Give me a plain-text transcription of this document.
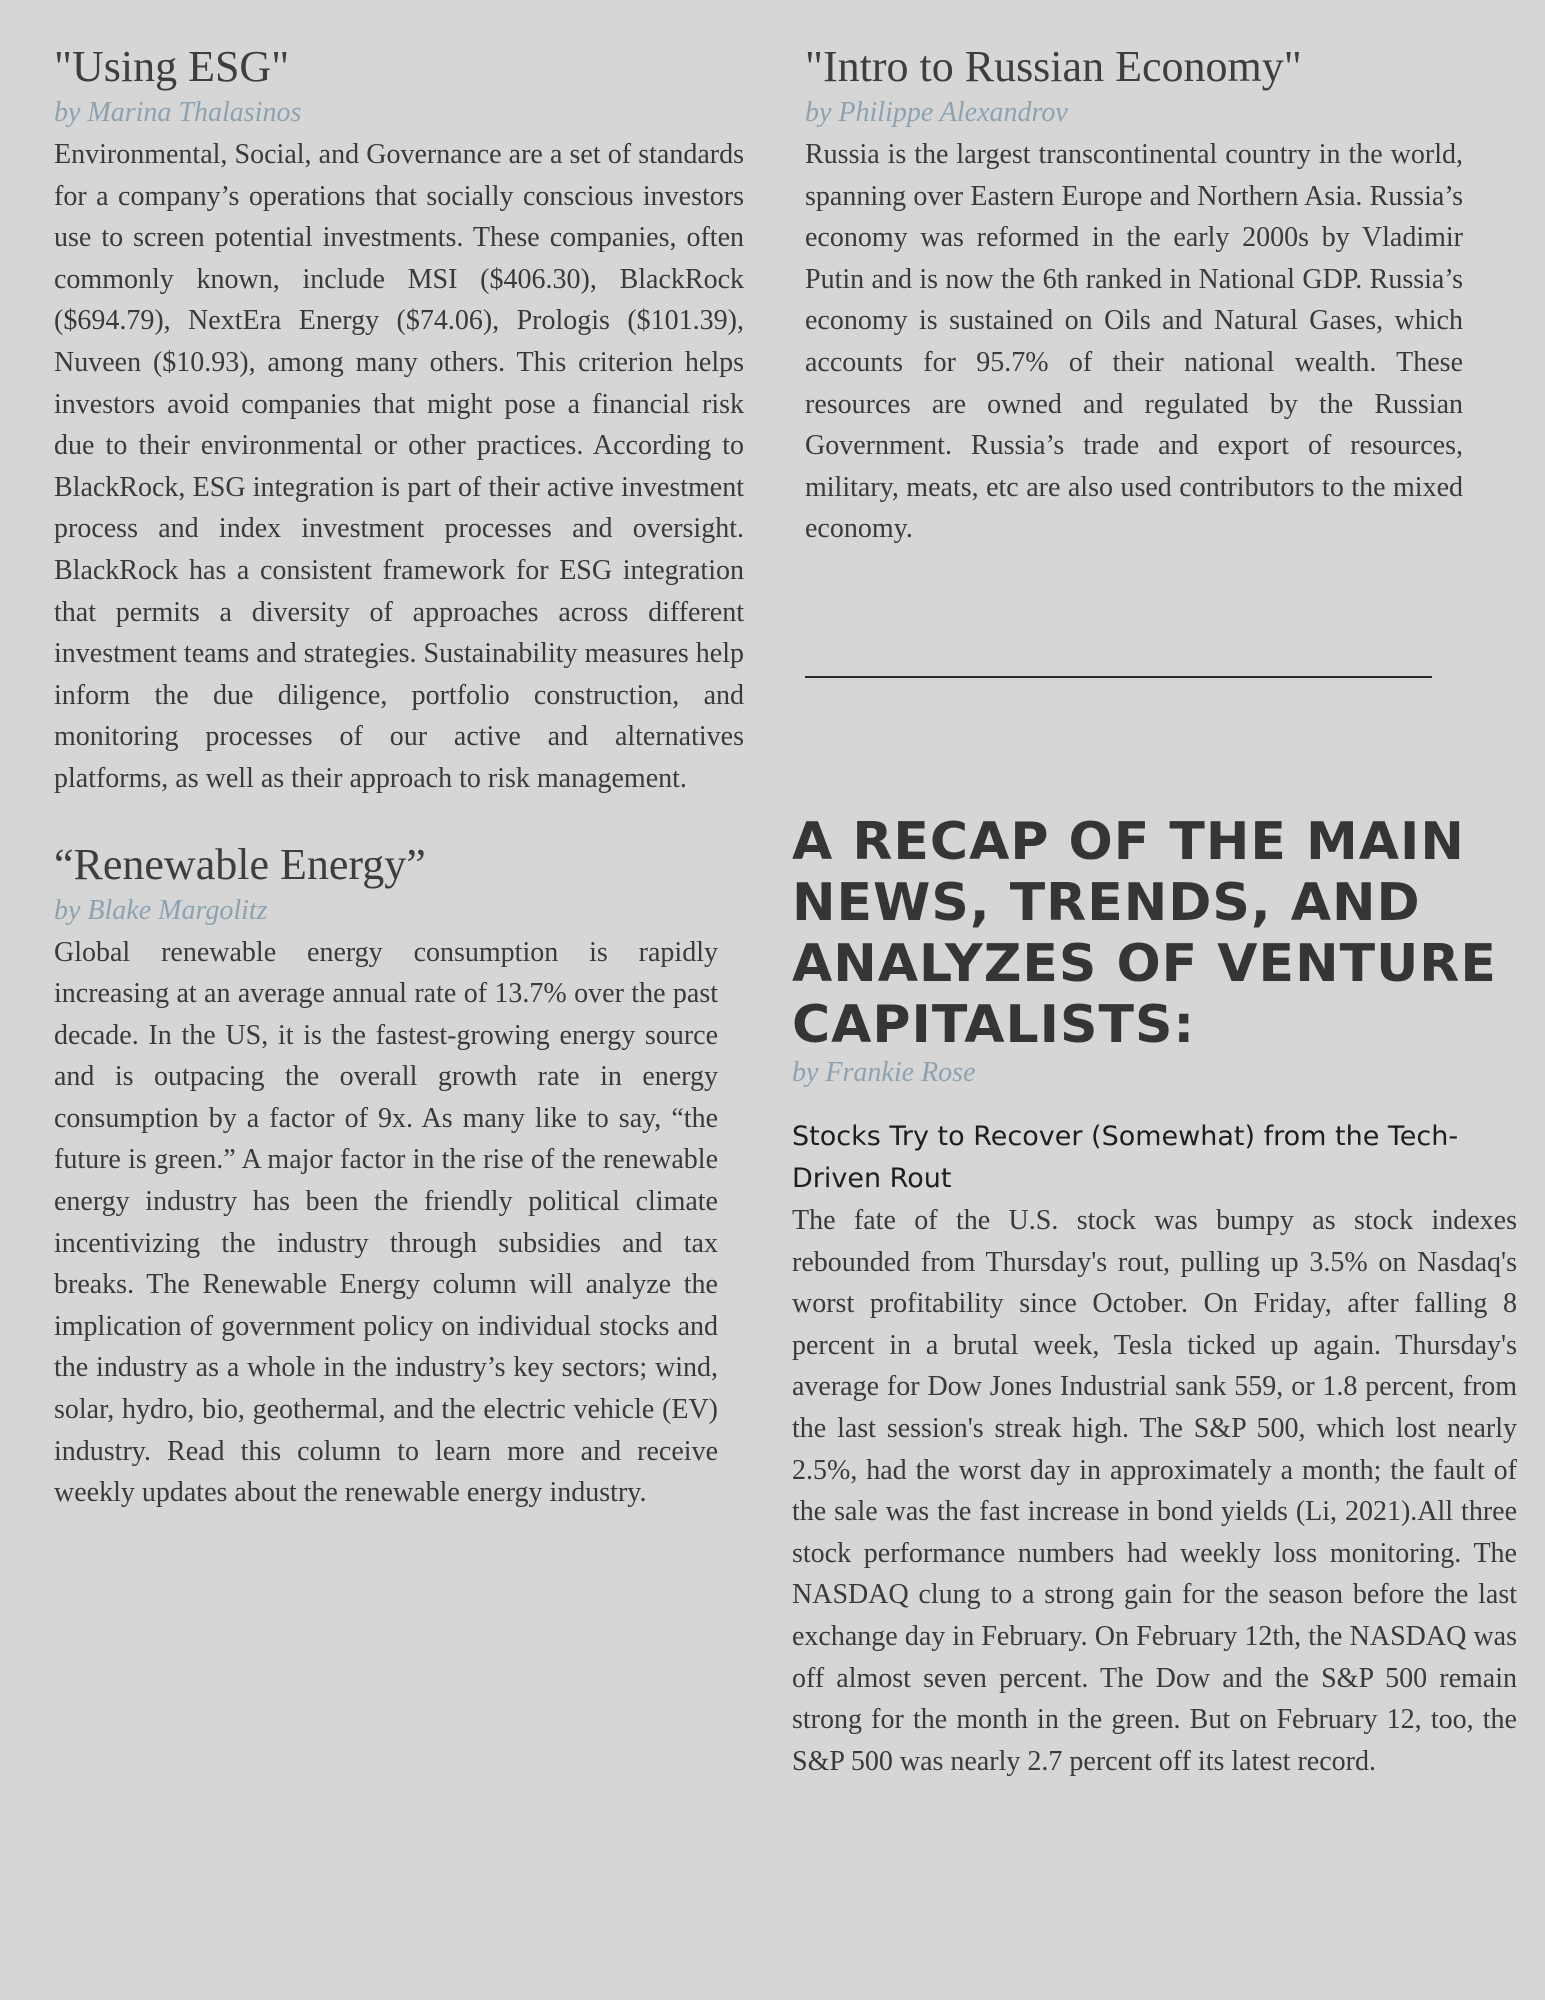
"Using ESG"

by Marina Thalasinos

Environmental, Social, and Governance are a set of standards for a company’s operations that socially conscious investors use to screen potential investments. These companies, often commonly known, include MSI ($406.30), BlackRock ($694.79), NextEra Energy ($74.06), Prologis ($101.39), Nuveen ($10.93), among many others. This criterion helps investors avoid companies that might pose a financial risk due to their environmental or other practices. According to BlackRock, ESG integration is part of their active investment process and index investment processes and oversight. BlackRock has a consistent framework for ESG integration that permits a diversity of approaches across different investment teams and strategies. Sustainability measures help inform the due diligence, portfolio construction, and monitoring processes of our active and alternatives platforms, as well as their approach to risk management.

“Renewable Energy”

by Blake Margolitz

Global renewable energy consumption is rapidly increasing at an average annual rate of 13.7% over the past decade. In the US, it is the fastest-growing energy source and is outpacing the overall growth rate in energy consumption by a factor of 9x. As many like to say, “the future is green.” A major factor in the rise of the renewable energy industry has been the friendly political climate incentivizing the industry through subsidies and tax breaks. The Renewable Energy column will analyze the implication of government policy on individual stocks and the industry as a whole in the industry’s key sectors; wind, solar, hydro, bio, geothermal, and the electric vehicle (EV) industry. Read this column to learn more and receive weekly updates about the renewable energy industry.

"Intro to Russian Economy"

by Philippe Alexandrov

Russia is the largest transcontinental country in the world, spanning over Eastern Europe and Northern Asia. Russia’s economy was reformed in the early 2000s by Vladimir Putin and is now the 6th ranked in National GDP. Russia’s economy is sustained on Oils and Natural Gases, which accounts for 95.7% of their national wealth. These resources are owned and regulated by the Russian Government. Russia’s trade and export of resources, military, meats, etc are also used contributors to the mixed economy.

A RECAP OF THE MAIN NEWS, TRENDS, AND ANALYZES OF VENTURE CAPITALISTS:

by Frankie Rose

Stocks Try to Recover (Somewhat) from the Tech-Driven Rout

The fate of the U.S. stock was bumpy as stock indexes rebounded from Thursday's rout, pulling up 3.5% on Nasdaq's worst profitability since October. On Friday, after falling 8 percent in a brutal week, Tesla ticked up again. Thursday's average for Dow Jones Industrial sank 559, or 1.8 percent, from the last session's streak high. The S&P 500, which lost nearly 2.5%, had the worst day in approximately a month; the fault of the sale was the fast increase in bond yields (Li, 2021).All three stock performance numbers had weekly loss monitoring. The NASDAQ clung to a strong gain for the season before the last exchange day in February. On February 12th, the NASDAQ was off almost seven percent. The Dow and the S&P 500 remain strong for the month in the green. But on February 12, too, the S&P 500 was nearly 2.7 percent off its latest record.
